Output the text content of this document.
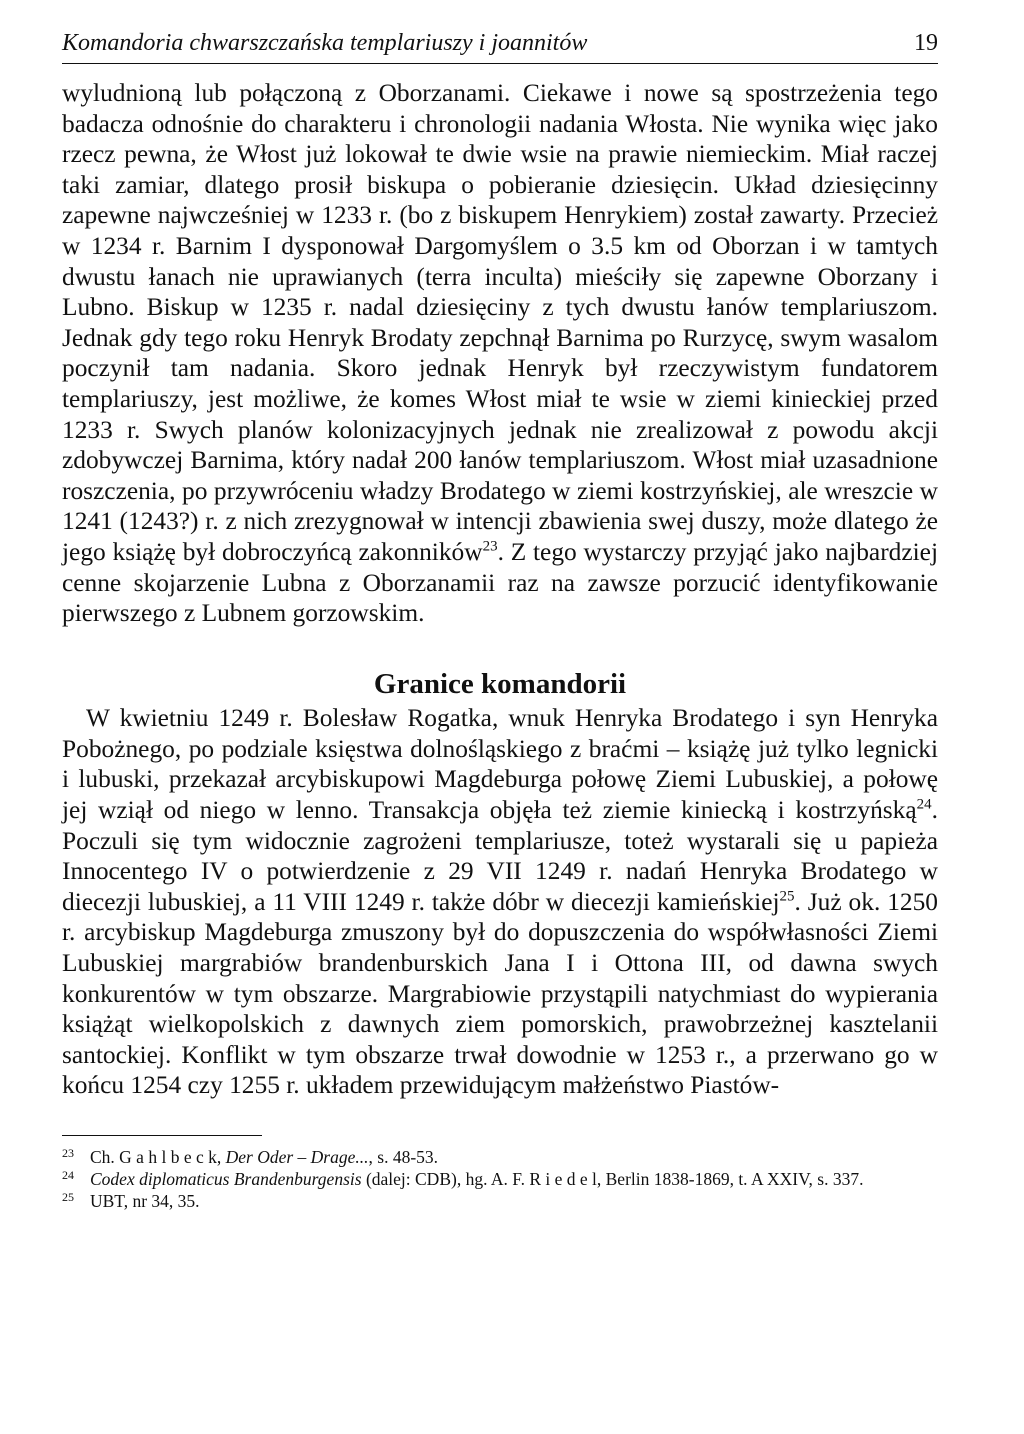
Komandoria chwarszczańska templariuszy i joannitów	19

wyludnioną lub połączoną z Oborzanami. Ciekawe i nowe są spostrzeżenia tego badacza odnośnie do charakteru i chronologii nadania Włosta. Nie wynika więc jako rzecz pewna, że Włost już lokował te dwie wsie na prawie niemieckim. Miał raczej taki zamiar, dlatego prosił biskupa o pobieranie dziesięcin. Układ dziesięcinny zapewne najwcześniej w 1233 r. (bo z biskupem Henrykiem) został zawarty. Przecież w 1234 r. Barnim I dysponował Dargomyślem o 3.5 km od Oborzan i w tamtych dwustu łanach nie uprawianych (terra inculta) mieściły się zapewne Oborzany i Lubno. Biskup w 1235 r. nadal dziesięciny z tych dwustu łanów templariuszom. Jednak gdy tego roku Henryk Brodaty zepchnął Barnima po Rurzycę, swym wasalom poczynił tam nadania. Skoro jednak Henryk był rzeczywistym fundatorem templariuszy, jest możliwe, że komes Włost miał te wsie w ziemi kinieckiej przed 1233 r. Swych planów kolonizacyjnych jednak nie zrealizował z powodu akcji zdobywczej Barnima, który nadał 200 łanów templariuszom. Włost miał uzasadnione roszczenia, po przywróceniu władzy Brodatego w ziemi kostrzyńskiej, ale wreszcie w 1241 (1243?) r. z nich zrezygnował w intencji zbawienia swej duszy, może dlatego że jego książę był dobroczyńcą zakonników$^{23}$. Z tego wystarczy przyjąć jako najbardziej cenne skojarzenie Lubna z Oborzanamii raz na zawsze porzucić identyfikowanie pierwszego z Lubnem gorzowskim.

Granice komandorii

W kwietniu 1249 r. Bolesław Rogatka, wnuk Henryka Brodatego i syn Henryka Pobożnego, po podziale księstwa dolnośląskiego z braćmi – książę już tylko legnicki i lubuski, przekazał arcybiskupowi Magdeburga połowę Ziemi Lubuskiej, a połowę jej wziął od niego w lenno. Transakcja objęła też ziemie kiniecką i kostrzyńską$^{24}$. Poczuli się tym widocznie zagrożeni templariusze, toteż wystarali się u papieża Innocentego IV o potwierdzenie z 29 VII 1249 r. nadań Henryka Brodatego w diecezji lubuskiej, a 11 VIII 1249 r. także dóbr w diecezji kamieńskiej$^{25}$. Już ok. 1250 r. arcybiskup Magdeburga zmuszony był do dopuszczenia do współwłasności Ziemi Lubuskiej margrabiów brandenburskich Jana I i Ottona III, od dawna swych konkurentów w tym obszarze. Margrabiowie przystąpili natychmiast do wypierania książąt wielkopolskich z dawnych ziem pomorskich, prawobrzeżnej kasztelanii santockiej. Konflikt w tym obszarze trwał dowodnie w 1253 r., a przerwano go w końcu 1254 czy 1255 r. układem przewidującym małżeństwo Piastów-

23 Ch. G a h l b e c k, Der Oder – Drage..., s. 48-53.
24 Codex diplomaticus Brandenburgensis (dalej: CDB), hg. A. F. R i e d e l, Berlin 1838-1869, t. A XXIV, s. 337.
25 UBT, nr 34, 35.
